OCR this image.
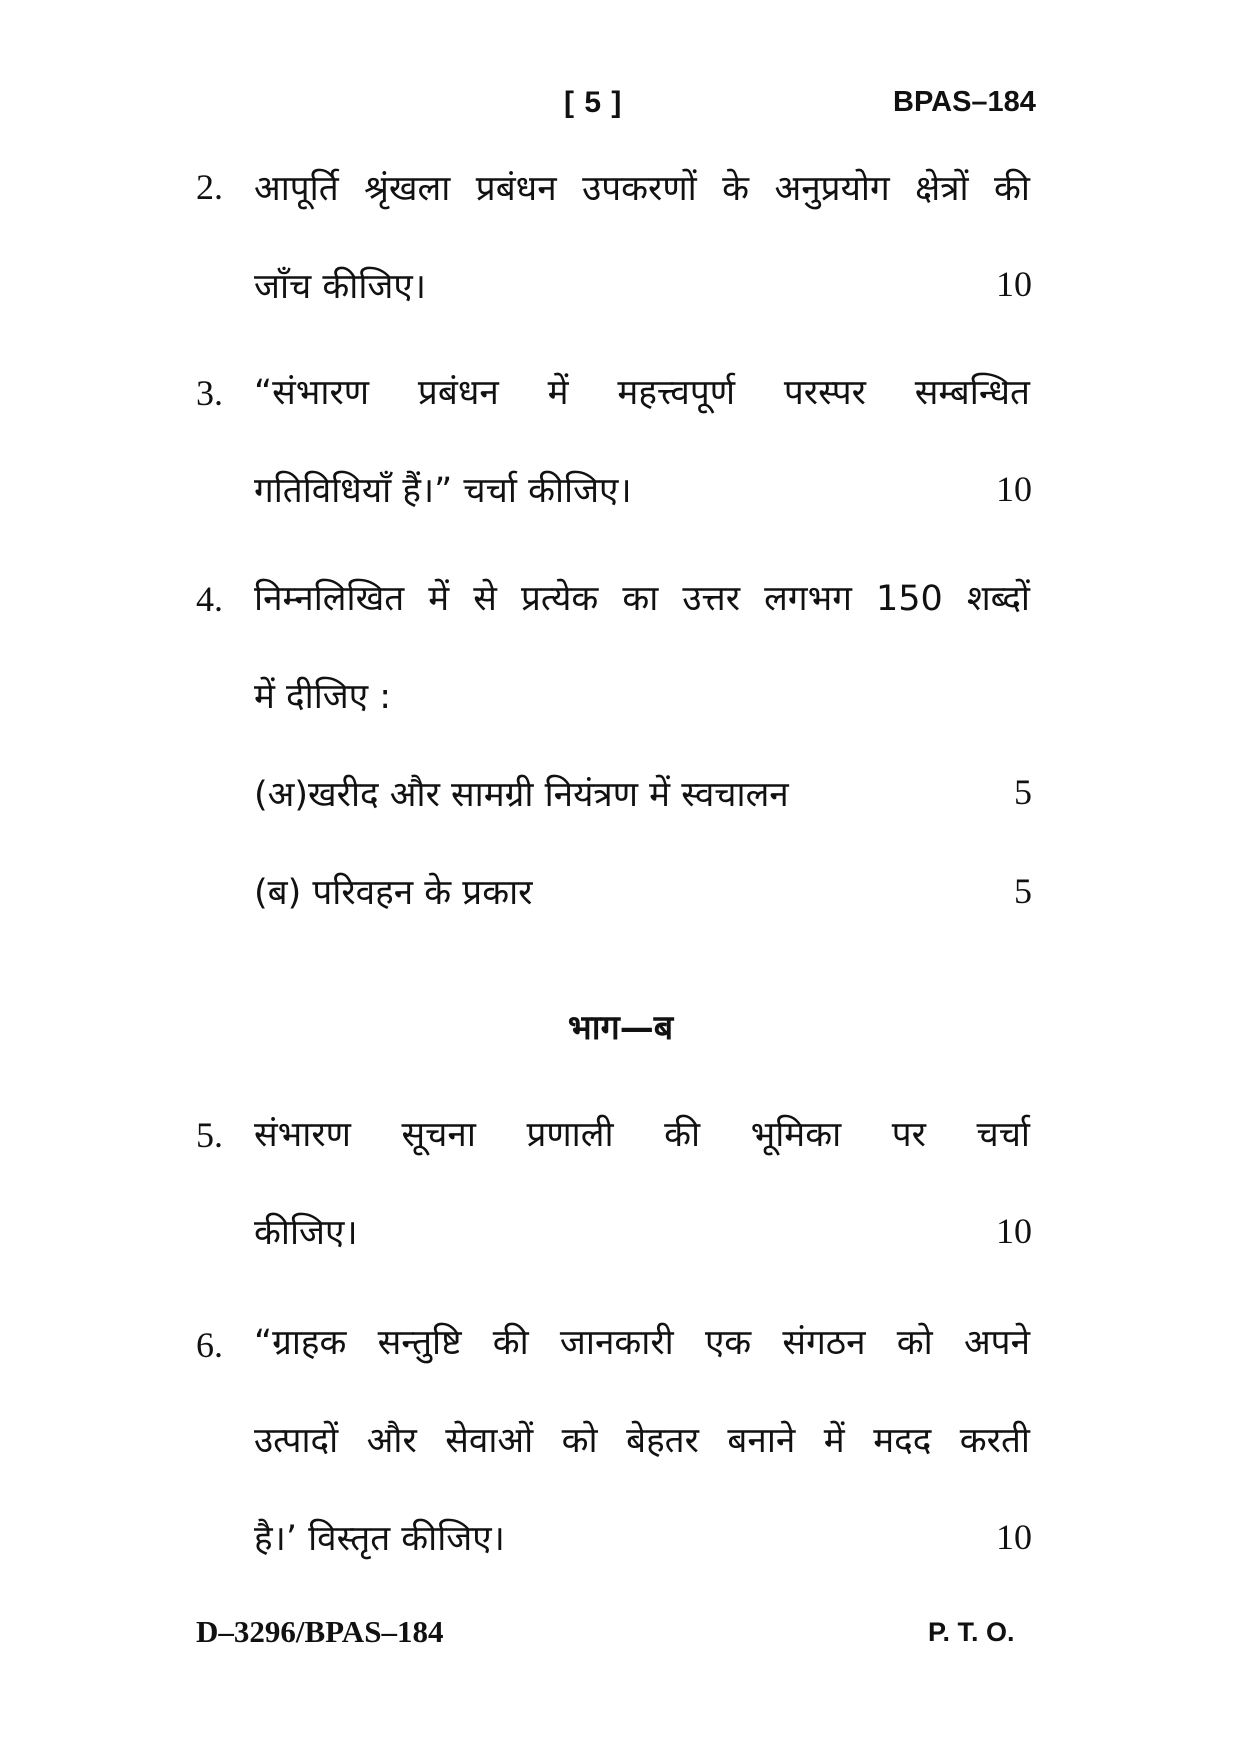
[ 5 ]	BPAS–184
2. आपूर्ति श्रृंखला प्रबंधन उपकरणों के अनुप्रयोग क्षेत्रों की
जाँच कीजिए।	10
3. “संभारण प्रबंधन में महत्त्वपूर्ण परस्पर सम्बन्धित
गतिविधियाँ हैं।” चर्चा कीजिए।	10
4. निम्नलिखित में से प्रत्येक का उत्तर लगभग 150 शब्दों
में दीजिए :
(अ)खरीद और सामग्री नियंत्रण में स्वचालन	5
(ब) परिवहन के प्रकार	5
भाग—ब
5. संभारण सूचना प्रणाली की भूमिका पर चर्चा
कीजिए।	10
6. “ग्राहक सन्तुष्टि की जानकारी एक संगठन को अपने
उत्पादों और सेवाओं को बेहतर बनाने में मदद करती
है।’ विस्तृत कीजिए।	10
D–3296/BPAS–184	P. T. O.
